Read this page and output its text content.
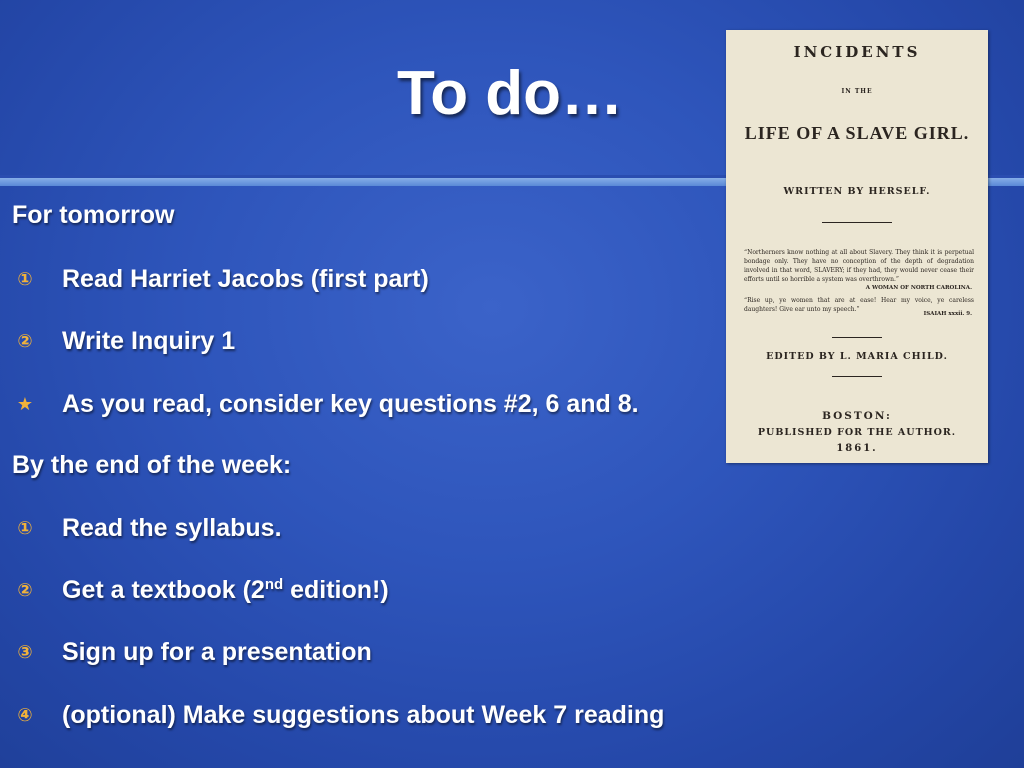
To do…
INCIDENTS
IN THE
LIFE OF A SLAVE GIRL.
WRITTEN BY HERSELF.
“Northerners know nothing at all about Slavery. They think it is perpetual bondage only. They have no conception of the depth of degradation involved in that word, SLAVERY; if they had, they would never cease their efforts until so horrible a system was overthrown.”
A WOMAN OF NORTH CAROLINA.
“Rise up, ye women that are at ease! Hear my voice, ye careless daughters! Give ear unto my speech.”
ISAIAH xxxii. 9.
EDITED BY L. MARIA CHILD.
BOSTON:
PUBLISHED FOR THE AUTHOR.
1861.
For tomorrow
① Read Harriet Jacobs (first part)
② Write Inquiry 1
★ As you read, consider key questions #2, 6 and 8.
By the end of the week:
① Read the syllabus.
② Get a textbook (2nd edition!)
③ Sign up for a presentation
④ (optional) Make suggestions about Week 7 reading
